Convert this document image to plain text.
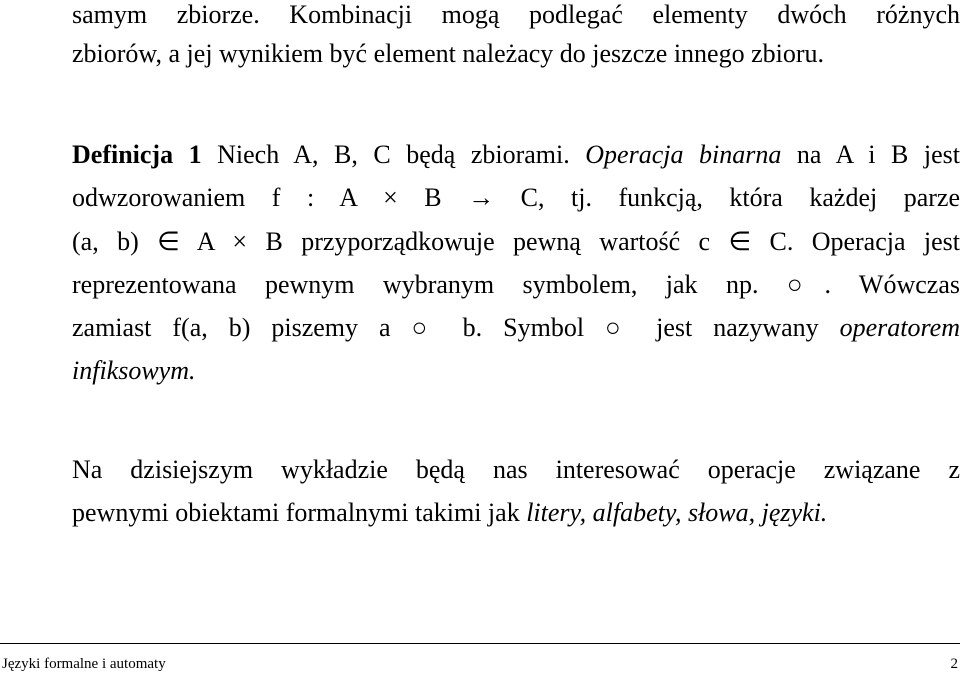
samym zbiorze. Kombinacji mogą podlegać elementy dwóch różnych
zbiorów, a jej wynikiem być element należacy do jeszcze innego zbioru.
Definicja 1 Niech A, B, C będą zbiorami. Operacja binarna na A i B jest
odwzorowaniem f : A × B → C, tj. funkcją, która każdej parze
(a, b) ∈ A × B przyporządkowuje pewną wartość c ∈ C. Operacja jest
reprezentowana pewnym wybranym symbolem, jak np. ○. Wówczas
zamiast f(a, b) piszemy a ○ b. Symbol ○ jest nazywany operatorem
infiksowym.
Na dzisiejszym wykładzie będą nas interesować operacje związane z
pewnymi obiektami formalnymi takimi jak litery, alfabety, słowa, języki.
Języki formalne i automaty	2
